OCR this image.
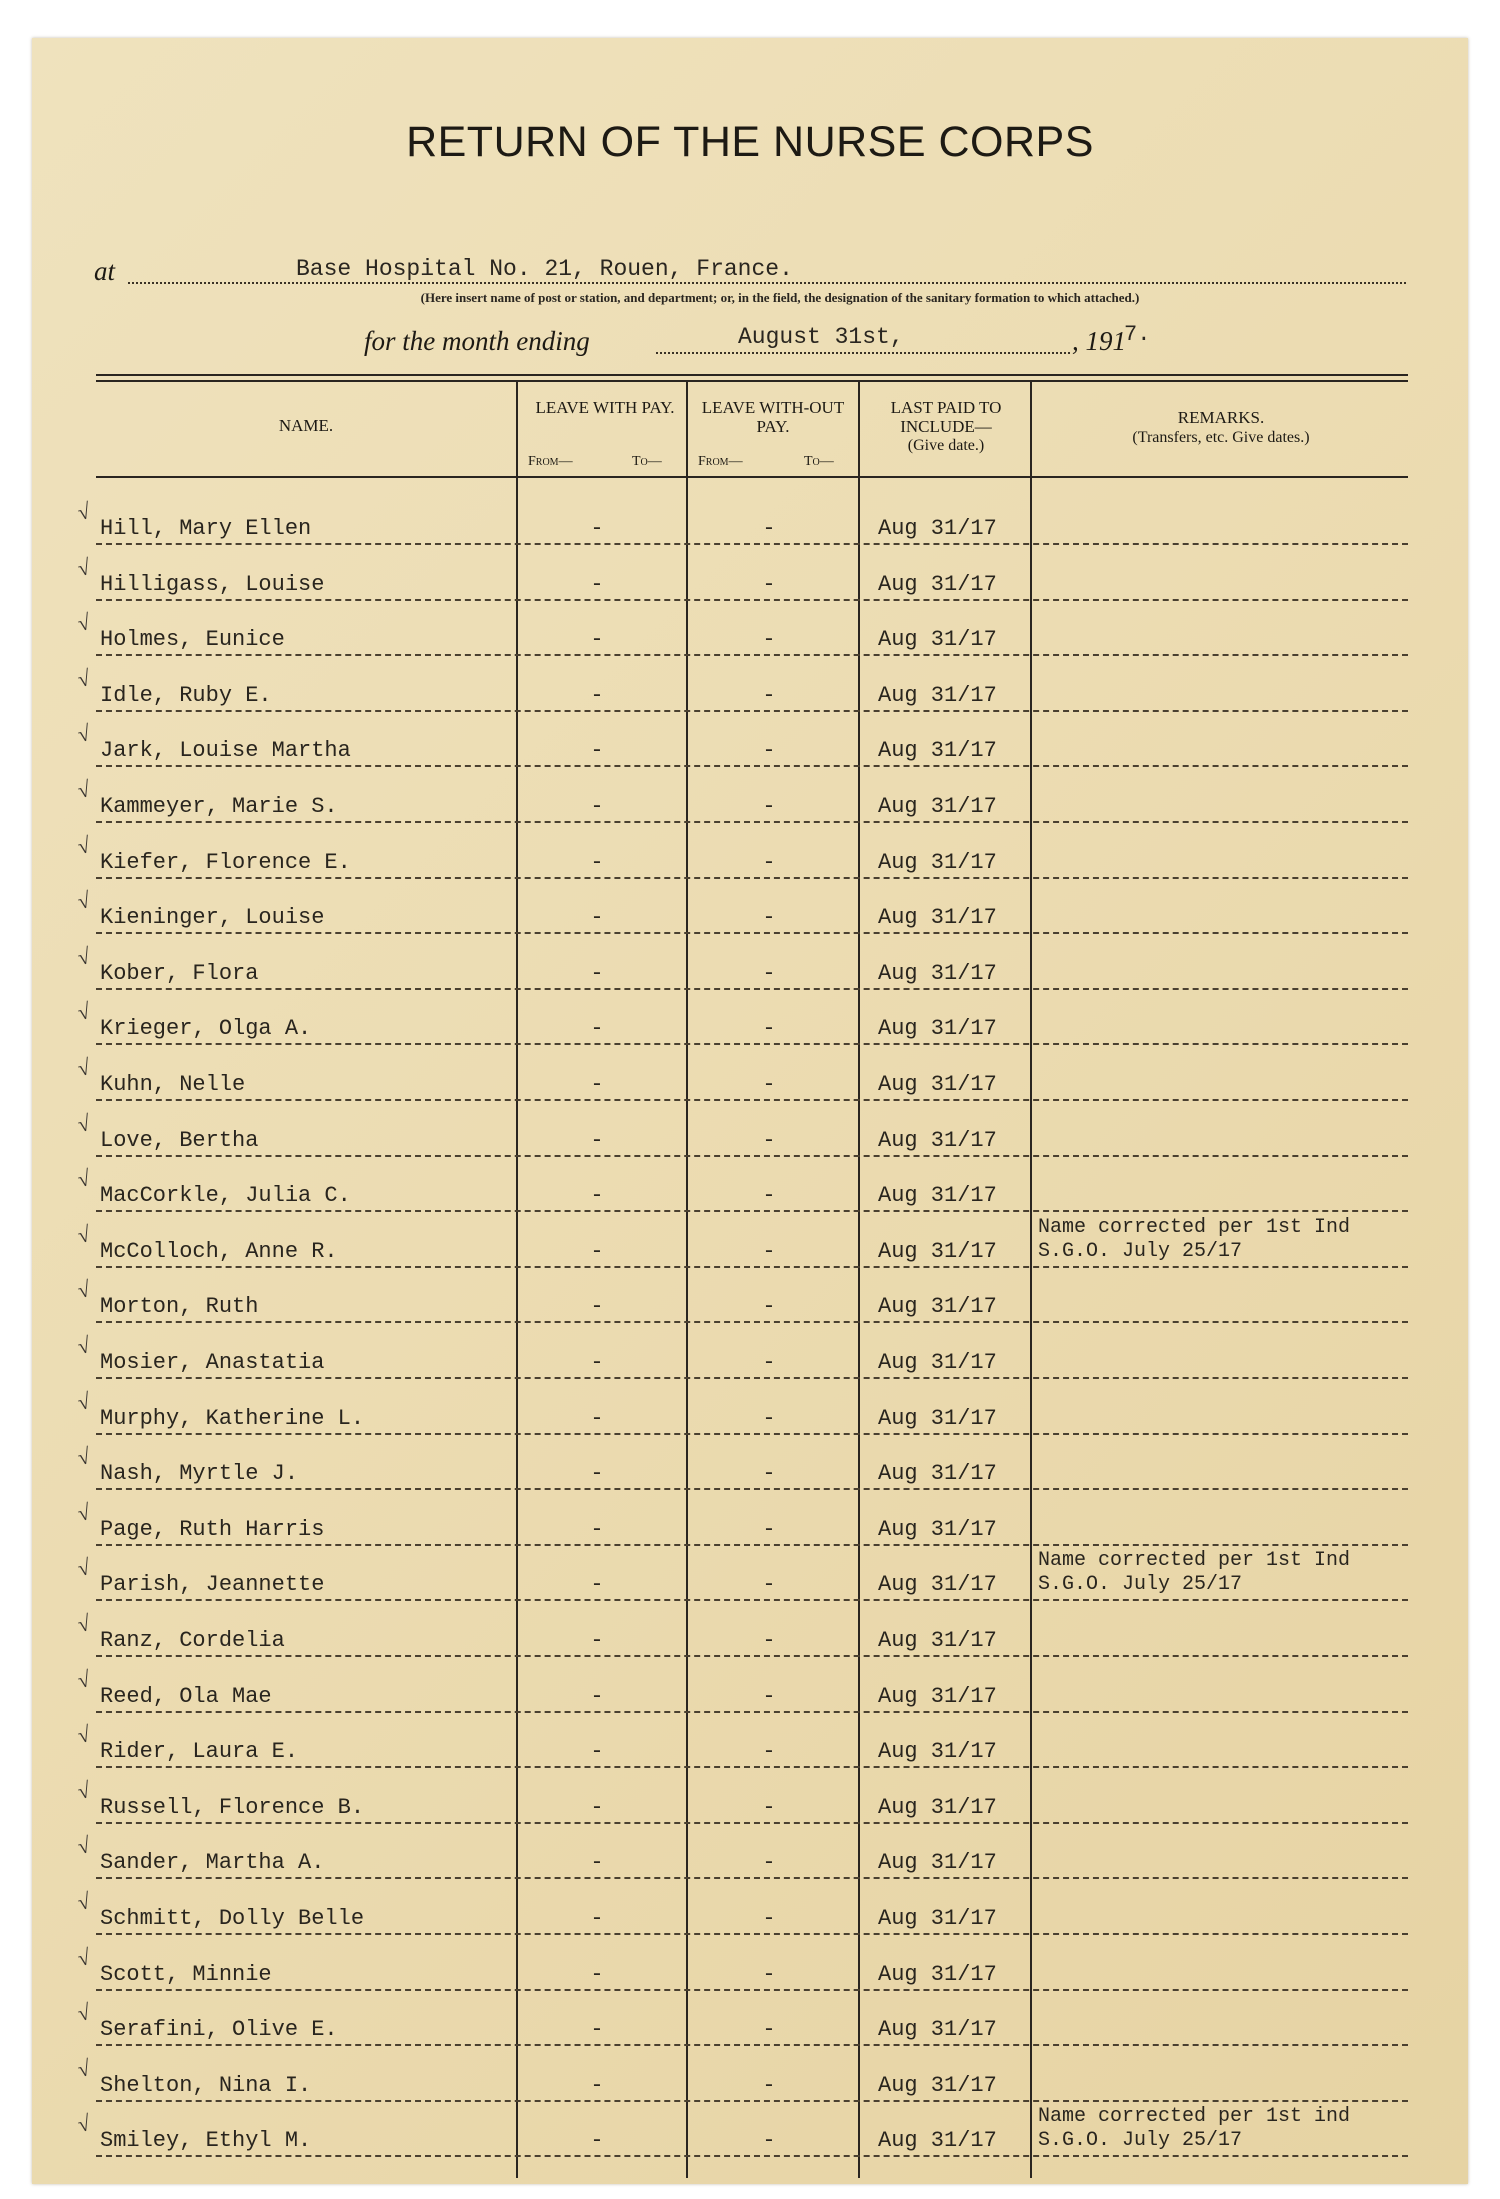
RETURN OF THE NURSE CORPS
at	Base Hospital No. 21, Rouen, France.
(Here insert name of post or station, and department; or, in the field, the designation of the sanitary formation to which attached.)
for the month ending	August 31st,	, 191
7.
NAME.
LEAVE WITH PAY.
From—	To—
LEAVE WITH-OUT PAY.
From—	To—
LAST PAID TO INCLUDE—
(Give date.)
REMARKS.
(Transfers, etc. Give dates.)
√
Hill, Mary Ellen	-	-	Aug 31/17
√
Hilligass, Louise	-	-	Aug 31/17
√
Holmes, Eunice	-	-	Aug 31/17
√
Idle, Ruby E.	-	-	Aug 31/17
√
Jark, Louise Martha	-	-	Aug 31/17
√
Kammeyer, Marie S.	-	-	Aug 31/17
√
Kiefer, Florence E.	-	-	Aug 31/17
√
Kieninger, Louise	-	-	Aug 31/17
√
Kober, Flora	-	-	Aug 31/17
√
Krieger, Olga A.	-	-	Aug 31/17
√
Kuhn, Nelle	-	-	Aug 31/17
√
Love, Bertha	-	-	Aug 31/17
√
MacCorkle, Julia C.	-	-	Aug 31/17
√
McColloch, Anne R.	-	-	Aug 31/17
Name corrected per 1st Ind S.G.O. July 25/17
√
Morton, Ruth	-	-	Aug 31/17
√
Mosier, Anastatia	-	-	Aug 31/17
√
Murphy, Katherine L.	-	-	Aug 31/17
√
Nash, Myrtle J.	-	-	Aug 31/17
√
Page, Ruth Harris	-	-	Aug 31/17
√
Parish, Jeannette	-	-	Aug 31/17
Name corrected per 1st Ind S.G.O. July 25/17
√
Ranz, Cordelia	-	-	Aug 31/17
√
Reed, Ola Mae	-	-	Aug 31/17
√
Rider, Laura E.	-	-	Aug 31/17
√
Russell, Florence B.	-	-	Aug 31/17
√
Sander, Martha A.	-	-	Aug 31/17
√
Schmitt, Dolly Belle	-	-	Aug 31/17
√
Scott, Minnie	-	-	Aug 31/17
√
Serafini, Olive E.	-	-	Aug 31/17
√
Shelton, Nina I.	-	-	Aug 31/17
√
Smiley, Ethyl M.	-	-	Aug 31/17
Name corrected per 1st ind S.G.O. July 25/17
